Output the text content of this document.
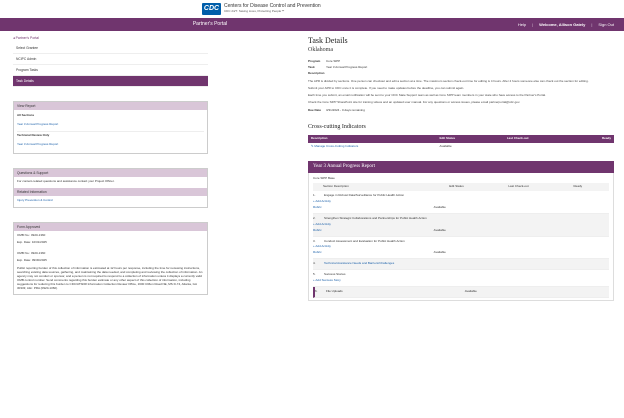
CDC Centers for Disease Control and Prevention
CDC 24/7: Saving Lives, Protecting People™
Partner's Portal	Help | Welcome, Allison Gately | Sign Out
◂ Partner's Portal
Select Grantee
NCIPC Admin
Program Tasks
Task Details
View Report
All Sections
Year 3 Annual Progress Report
Technical Review Only
Year 3 Annual Progress Report
Questions & Support
For content-related questions and assistance contact your Project Officer.
Related Information
Injury Prevention & Control
Form Approved
OMB No.: 0920-1360
Exp. Date: 10/31/2025
OMB No.: 0920-1360
Exp. Date: 09/30/2025
Public reporting burden of this collection of information is estimated at 12 hours per response, including the time for reviewing instructions, searching existing data sources, gathering, and maintaining the data needed, and completing and reviewing the collection of information. An agency may not conduct or sponsor, and a person is not required to respond to a collection of information unless it displays a currently valid OMB control number. Send comments regarding this burden estimate or any other aspect of this collection of information, including suggestions for reducing this burden to CDC/ATSDR Information Collection Review Office, 1600 Clifton Road NE, MS D-74, Atlanta, GA 30333; Attn: PRA (0920-1360).
Task Details
Oklahoma
Program	Core SIPP
Task	Year 3 Annual Progress Report
Description
The APR is divided by sections. One person can checkout and edit a section at a time. The maximum section check-out time for editing is 4 hours. After 4 hours someone else can check out the section for editing.
Submit your APR to CDC once it is complete. If you need to make updates before the deadline, you can submit again.
Each time you submit, an email notification will be sent to your CDC State Support team as well as Core SIPP team members in your state who have access to the Partner's Portal.
Check the Core SIPP SharePoint site for training videos and an updated user manual. For any questions or access issues, please email partnerportal@cdc.gov.
Due Date	3/31/2024 - 0 days remaining
Cross-cutting Indicators
Description	Edit Status	Last Check-out	Ready
✎ Manage Cross-Cutting Indicators	Available		
Year 3 Annual Progress Report
Core SIPP Base
Section Description	Edit Status	Last Check-out	Ready
1.	Engage in Robust Data/Surveillance for Public Health Action
+ Add Activity
Rubric	Available
2.	Strengthen Strategic Collaborations and Partnerships for Public Health Action
+ Add Activity
Rubric	Available
3.	Conduct Assessment and Evaluation for Public Health Action
+ Add Activity
Rubric	Available
4.	Technical Assistance Needs and Barriers/Challenges
5.	Success Stories
+ Add Success Story
6.	File Uploads	Available
